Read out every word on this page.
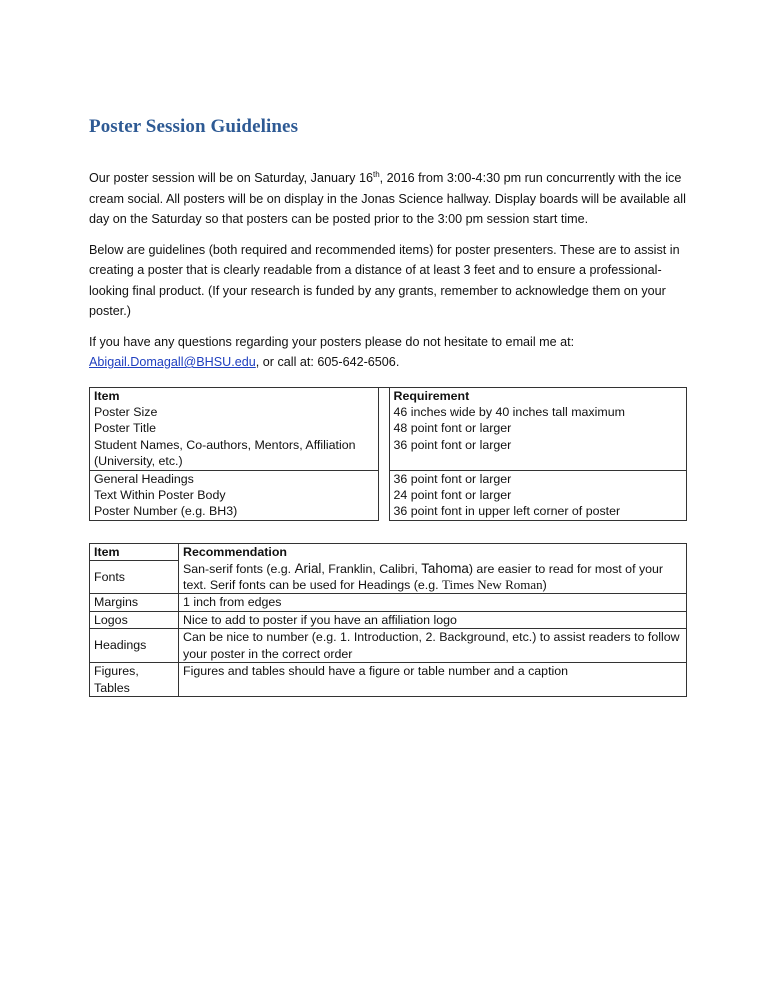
Poster Session Guidelines

Our poster session will be on Saturday, January 16th, 2016 from 3:00-4:30 pm run concurrently with the ice cream social. All posters will be on display in the Jonas Science hallway. Display boards will be available all day on the Saturday so that posters can be posted prior to the 3:00 pm session start time.

Below are guidelines (both required and recommended items) for poster presenters. These are to assist in creating a poster that is clearly readable from a distance of at least 3 feet and to ensure a professional-looking final product. (If your research is funded by any grants, remember to acknowledge them on your poster.)

If you have any questions regarding your posters please do not hesitate to email me at: Abigail.Domagall@BHSU.edu, or call at: 605-642-6506.

Item		Requirement
Poster Size		46 inches wide by 40 inches tall maximum
Poster Title		48 point font or larger
Student Names, Co-authors, Mentors, Affiliation (University, etc.)		36 point font or larger
General Headings		36 point font or larger
Text Within Poster Body		24 point font or larger
Poster Number (e.g. BH3)		36 point font in upper left corner of poster
Item	Recommendation
Fonts	San-serif fonts (e.g. Arial, Franklin, Calibri, Tahoma) are easier to read for most of your text. Serif fonts can be used for Headings (e.g. Times New Roman)
Margins	1 inch from edges
Logos	Nice to add to poster if you have an affiliation logo
Headings	Can be nice to number (e.g. 1. Introduction, 2. Background, etc.) to assist readers to follow your poster in the correct order
Figures, Tables	Figures and tables should have a figure or table number and a caption
